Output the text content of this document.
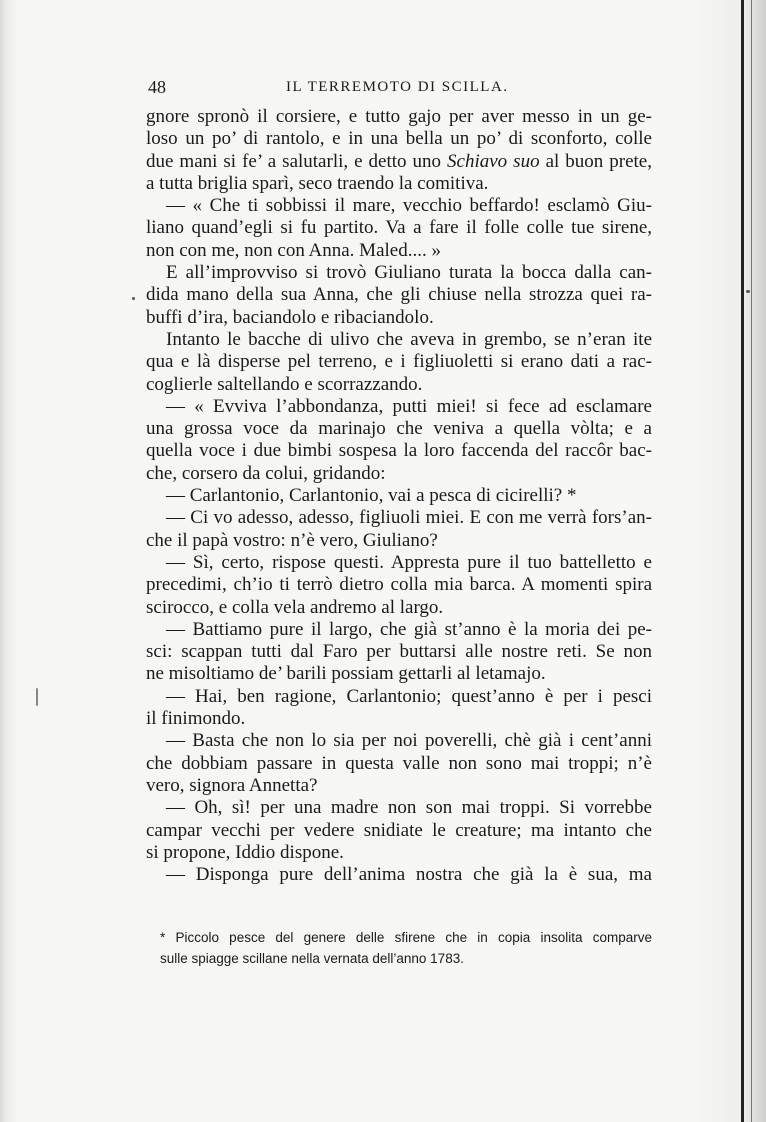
48	IL TERREMOTO DI SCILLA.
gnore spronò il corsiere, e tutto gajo per aver messo in un ge-
loso un po’ di rantolo, e in una bella un po’ di sconforto, colle
due mani si fe’ a salutarli, e detto uno Schiavo suo al buon prete,
a tutta briglia sparì, seco traendo la comitiva.
— « Che ti sobbissi il mare, vecchio beffardo! esclamò Giu-
liano quand’egli si fu partito. Va a fare il folle colle tue sirene,
non con me, non con Anna. Maled.... »
E all’improvviso si trovò Giuliano turata la bocca dalla can-
dida mano della sua Anna, che gli chiuse nella strozza quei ra-
buffi d’ira, baciandolo e ribaciandolo.
Intanto le bacche di ulivo che aveva in grembo, se n’eran ite
qua e là disperse pel terreno, e i figliuoletti si erano dati a rac-
coglierle saltellando e scorrazzando.
— « Evviva l’abbondanza, putti miei! si fece ad esclamare
una grossa voce da marinajo che veniva a quella vòlta; e a
quella voce i due bimbi sospesa la loro faccenda del raccôr bac-
che, corsero da colui, gridando:
— Carlantonio, Carlantonio, vai a pesca di cicirelli? *
— Ci vo adesso, adesso, figliuoli miei. E con me verrà fors’an-
che il papà vostro: n’è vero, Giuliano?
— Sì, certo, rispose questi. Appresta pure il tuo battelletto e
precedimi, ch’io ti terrò dietro colla mia barca. A momenti spira
scirocco, e colla vela andremo al largo.
— Battiamo pure il largo, che già st’anno è la moria dei pe-
sci: scappan tutti dal Faro per buttarsi alle nostre reti. Se non
ne misoltiamo de’ barili possiam gettarli al letamajo.
— Hai, ben ragione, Carlantonio; quest’anno è per i pesci
il finimondo.
— Basta che non lo sia per noi poverelli, chè già i cent’anni
che dobbiam passare in questa valle non sono mai troppi; n’è
vero, signora Annetta?
— Oh, sì! per una madre non son mai troppi. Si vorrebbe
campar vecchi per vedere snidiate le creature; ma intanto che
si propone, Iddio dispone.
— Disponga pure dell’anima nostra che già la è sua, ma
* Piccolo pesce del genere delle sfirene che in copia insolita comparve
sulle spiagge scillane nella vernata dell’anno 1783.
